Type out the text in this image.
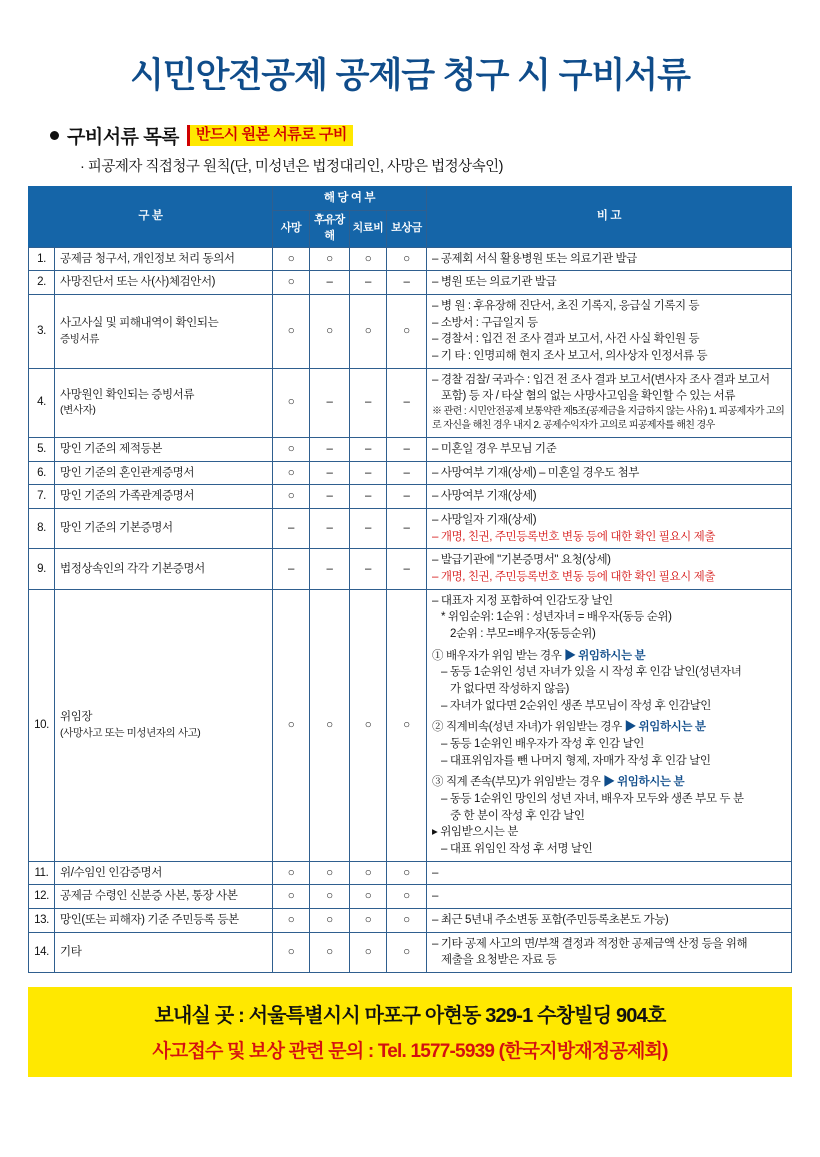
시민안전공제 공제금 청구 시 구비서류
구비서류 목록	반드시 원본 서류로 구비
· 피공제자 직접청구 원칙(단, 미성년은 법정대리인, 사망은 법정상속인)
구 분		해 당 여 부				비 고
		사망	후유장해	치료비	보상금	
1.	공제금 청구서, 개인정보 처리 동의서	○	○	○	○	– 공제회 서식 활용병원 또는 의료기관 발급

2.	사망진단서 또는 사(사)체검안서)	○	–	–	–	– 병원 또는 의료기관 발급

3.	사고사실 및 피해내역이 확인되는
증빙서류
	○	○	○	○	
– 병 원 : 후유장해 진단서, 초진 기록지, 응급실 기록지 등
– 소방서 : 구급일지 등
– 경찰서 : 입건 전 조사 결과 보고서, 사건 사실 확인원 등
– 기 타 : 인명피해 현지 조사 보고서, 의사상자 인정서류 등

4.	사망원인 확인되는 증빙서류
(변사자)
	○	–	–	–	
– 경찰 검찰/ 국과수 : 입건 전 조사 결과 보고서(변사자 조사 결과 보고서
포함) 등 자 / 타살 혐의 없는 사망사고임을 확인할 수 있는 서류
※ 관련 : 시민안전공제 보통약관 제5조(공제금을 지급하지 않는 사유) 1. 피공제자가 고의로 자신을 해친 경우 내지 2. 공제수익자가 고의로 피공제자를 해친 경우

5.	망인 기준의 제적등본	○	–	–	–	– 미혼일 경우 부모님 기준

6.	망인 기준의 혼인관계증명서	○	–	–	–	– 사망여부 기재(상세) – 미혼일 경우도 첨부

7.	망인 기준의 가족관계증명서	○	–	–	–	– 사망여부 기재(상세)

8.	망인 기준의 기본증명서	–	–	–	–	– 사망일자 기재(상세)
– 개명, 친권, 주민등록번호 변동 등에 대한 확인 필요시 제출

9.	법정상속인의 각각 기본증명서	–	–	–	–	– 발급기관에 "기본증명서" 요청(상세)
– 개명, 친권, 주민등록번호 변동 등에 대한 확인 필요시 제출

10.	위임장
(사망사고 또는 미성년자의 사고)
	○	○	○	○	
– 대표자 지정 포함하여 인감도장 날인
* 위임순위: 1순위 : 성년자녀 = 배우자(동등 순위)
2순위 : 부모=배우자(동등순위)
① 배우자가 위임 받는 경우 ▶ 위임하시는 분
– 동등 1순위인 성년 자녀가 있을 시 작성 후 인감 날인(성년자녀
가 없다면 작성하지 않음)
– 자녀가 없다면 2순위인 생존 부모님이 작성 후 인감날인
② 직계비속(성년 자녀)가 위임받는 경우 ▶ 위임하시는 분
– 동등 1순위인 배우자가 작성 후 인감 날인
– 대표위임자를 뺀 나머지 형제, 자매가 작성 후 인감 날인
③ 직계 존속(부모)가 위임받는 경우 ▶ 위임하시는 분
– 동등 1순위인 망인의 성년 자녀, 배우자 모두와 생존 부모 두 분
중 한 분이 작성 후 인감 날인
▸ 위임받으시는 분
– 대표 위임인 작성 후 서명 날인

11.	위/수임인 인감증명서	○	○	○	○	–

12.	공제금 수령인 신분증 사본, 통장 사본	○	○	○	○	–

13.	망인(또는 피해자) 기준 주민등록 등본	○	○	○	○	– 최근 5년내 주소변동 포함(주민등록초본도 가능)

14.	기타	○	○	○	○	– 기타 공제 사고의 면/부책 결정과 적정한 공제금액 산정 등을 위해
제출을 요청받은 자료 등
보내실 곳 : 서울특별시시 마포구 아현동 329-1 수창빌딩 904호
사고접수 및 보상 관련 문의 : Tel. 1577-5939 (한국지방재정공제회)
